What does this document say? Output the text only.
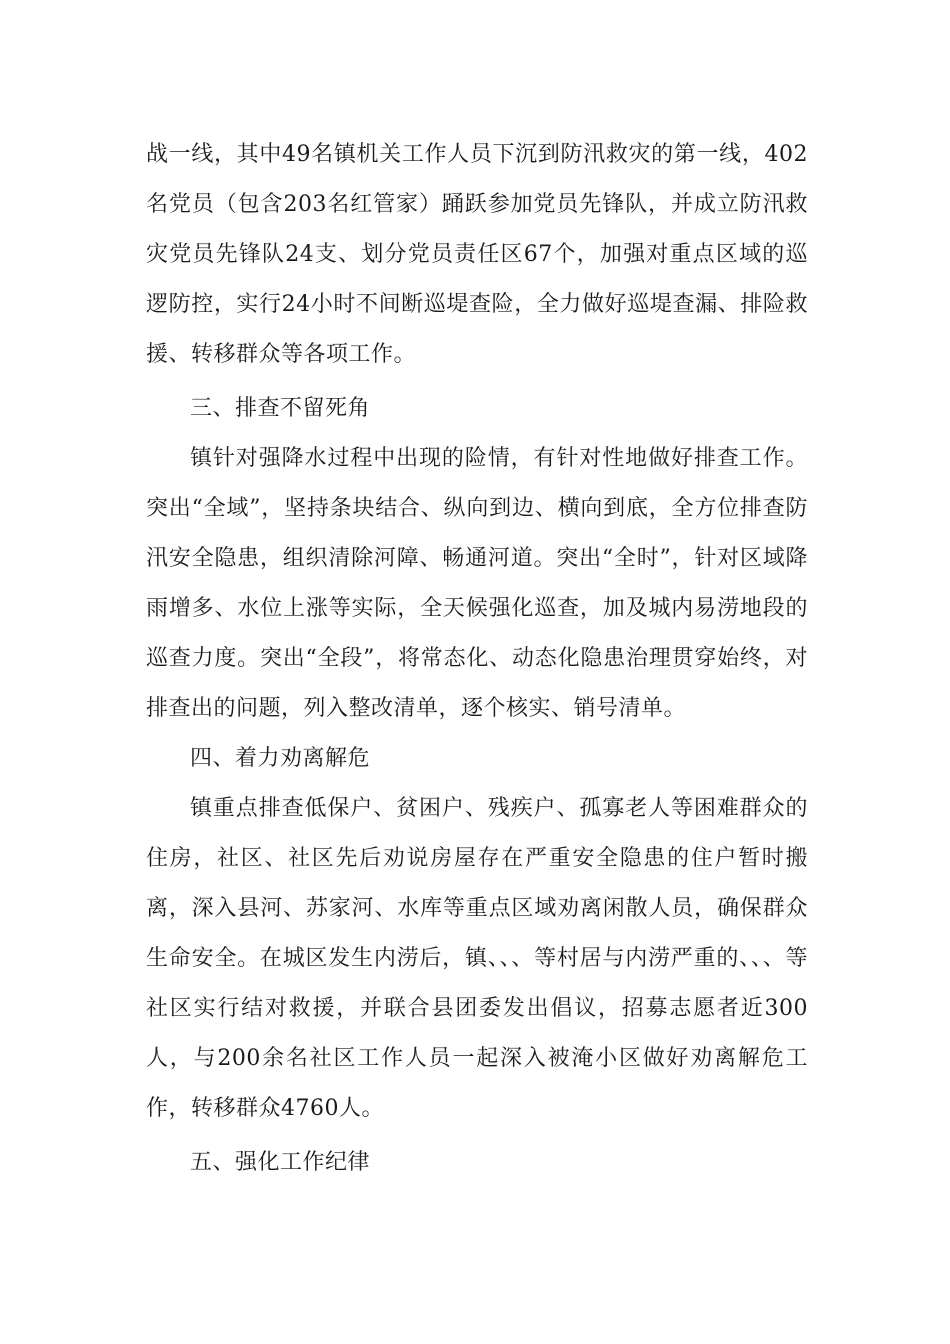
战一线，其中49名镇机关工作人员下沉到防汛救灾的第一线，402名党员（包含203名红管家）踊跃参加党员先锋队，并成立防汛救灾党员先锋队24支、划分党员责任区67个，加强对重点区域的巡逻防控，实行24小时不间断巡堤查险，全力做好巡堤查漏、排险救援、转移群众等各项工作。

三、排查不留死角

镇针对强降水过程中出现的险情，有针对性地做好排查工作。突出“全域”，坚持条块结合、纵向到边、横向到底，全方位排查防汛安全隐患，组织清除河障、畅通河道。突出“全时”，针对区域降雨增多、水位上涨等实际，全天候强化巡查，加及城内易涝地段的巡查力度。突出“全段”，将常态化、动态化隐患治理贯穿始终，对排查出的问题，列入整改清单，逐个核实、销号清单。

四、着力劝离解危

镇重点排查低保户、贫困户、残疾户、孤寡老人等困难群众的住房，社区、社区先后劝说房屋存在严重安全隐患的住户暂时搬离，深入县河、苏家河、水库等重点区域劝离闲散人员，确保群众生命安全。在城区发生内涝后，镇、、、等村居与内涝严重的、、、等社区实行结对救援，并联合县团委发出倡议，招募志愿者近300人，与200余名社区工作人员一起深入被淹小区做好劝离解危工作，转移群众4760人。

五、强化工作纪律
